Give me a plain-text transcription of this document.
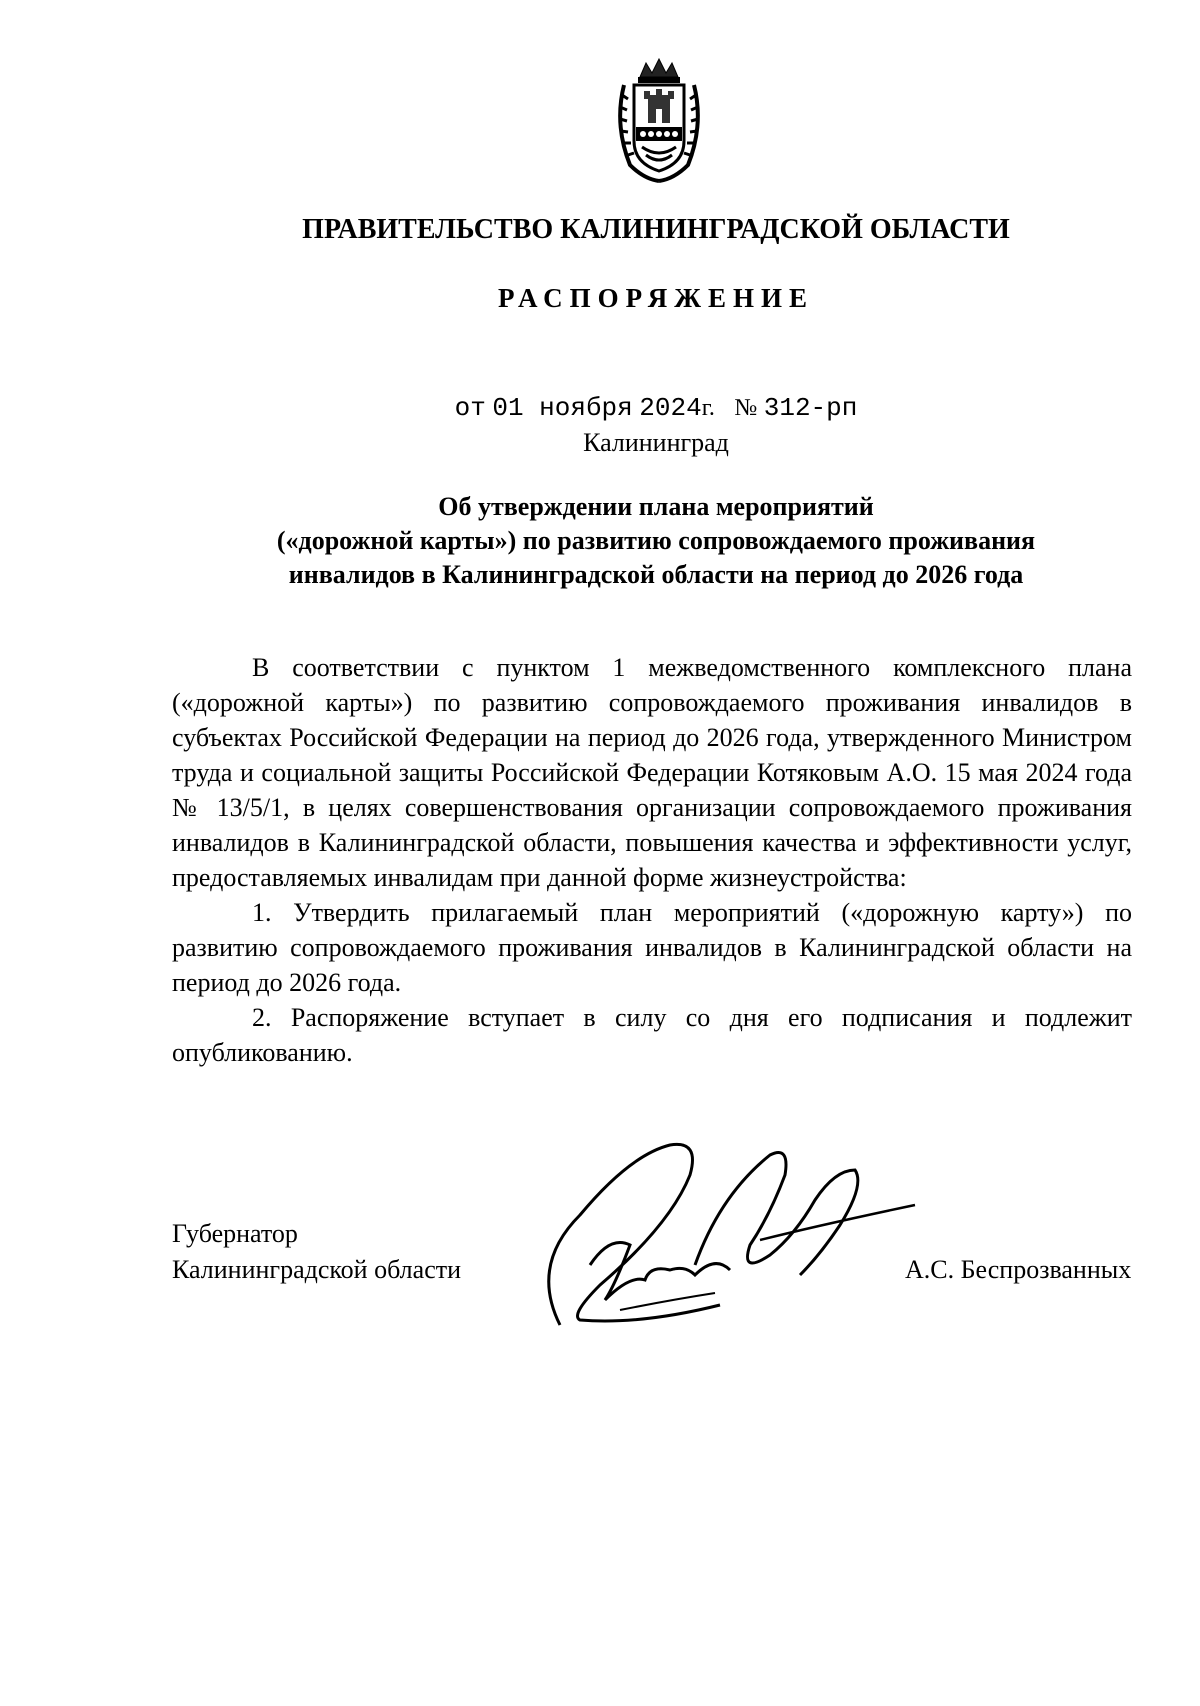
ПРАВИТЕЛЬСТВО КАЛИНИНГРАДСКОЙ ОБЛАСТИ
РАСПОРЯЖЕНИЕ
от 01 ноября 2024г. № 312-рп
Калининград
Об утверждении плана мероприятий
(«дорожной карты») по развитию сопровождаемого проживания
инвалидов в Калининградской области на период до 2026 года

В соответствии с пунктом 1 межведомственного комплексного плана («дорожной карты») по развитию сопровождаемого проживания инвалидов в субъектах Российской Федерации на период до 2026 года, утвержденного Министром труда и социальной защиты Российской Федерации Котяковым А.О. 15 мая 2024 года № 13/5/1, в целях совершенствования организации сопровождаемого проживания инвалидов в Калининградской области, повышения качества и эффективности услуг, предоставляемых инвалидам при данной форме жизнеустройства:

1. Утвердить прилагаемый план мероприятий («дорожную карту») по развитию сопровождаемого проживания инвалидов в Калининградской области на период до 2026 года.

2. Распоряжение вступает в силу со дня его подписания и подлежит опубликованию.

Губернатор
Калининградской области	А.С. Беспрозванных
